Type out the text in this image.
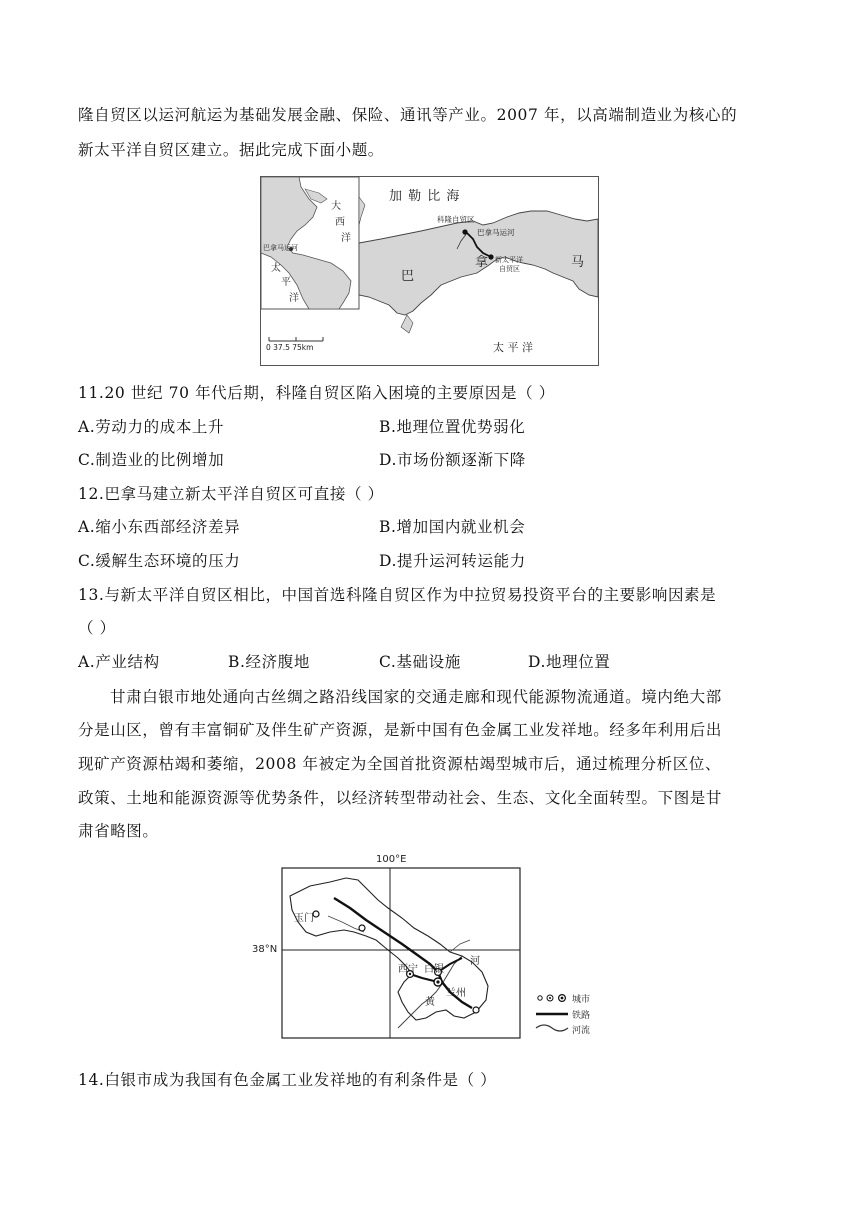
隆自贸区以运河航运为基础发展金融、保险、通讯等产业。2007 年，以高端制造业为核心的
新太平洋自贸区建立。据此完成下面小题。
加 勒 比 海
大
西
洋
巴拿马运河
太
平
洋
科隆自贸区
巴拿马运河
新太平洋
自贸区
巴
拿	马
太 平 洋
0 37.5 75km
11.20 世纪 70 年代后期，科隆自贸区陷入困境的主要原因是（ ）
A.劳动力的成本上升	B.地理位置优势弱化
C.制造业的比例增加	D.市场份额逐渐下降
12.巴拿马建立新太平洋自贸区可直接（ ）
A.缩小东西部经济差异	B.增加国内就业机会
C.缓解生态环境的压力	D.提升运河转运能力
13.与新太平洋自贸区相比，中国首选科隆自贸区作为中拉贸易投资平台的主要影响因素是
（ ）
A.产业结构	B.经济腹地	C.基础设施	D.地理位置
甘肃白银市地处通向古丝绸之路沿线国家的交通走廊和现代能源物流通道。境内绝大部
分是山区，曾有丰富铜矿及伴生矿产资源，是新中国有色金属工业发祥地。经多年利用后出
现矿产资源枯竭和萎缩，2008 年被定为全国首批资源枯竭型城市后，通过梳理分析区位、
政策、土地和能源资源等优势条件，以经济转型带动社会、生态、文化全面转型。下图是甘
肃省略图。
100°E
38°N
玉门
西宁 白银
兰州
河
黄	城市
铁路
河流
14.白银市成为我国有色金属工业发祥地的有利条件是（ ）
